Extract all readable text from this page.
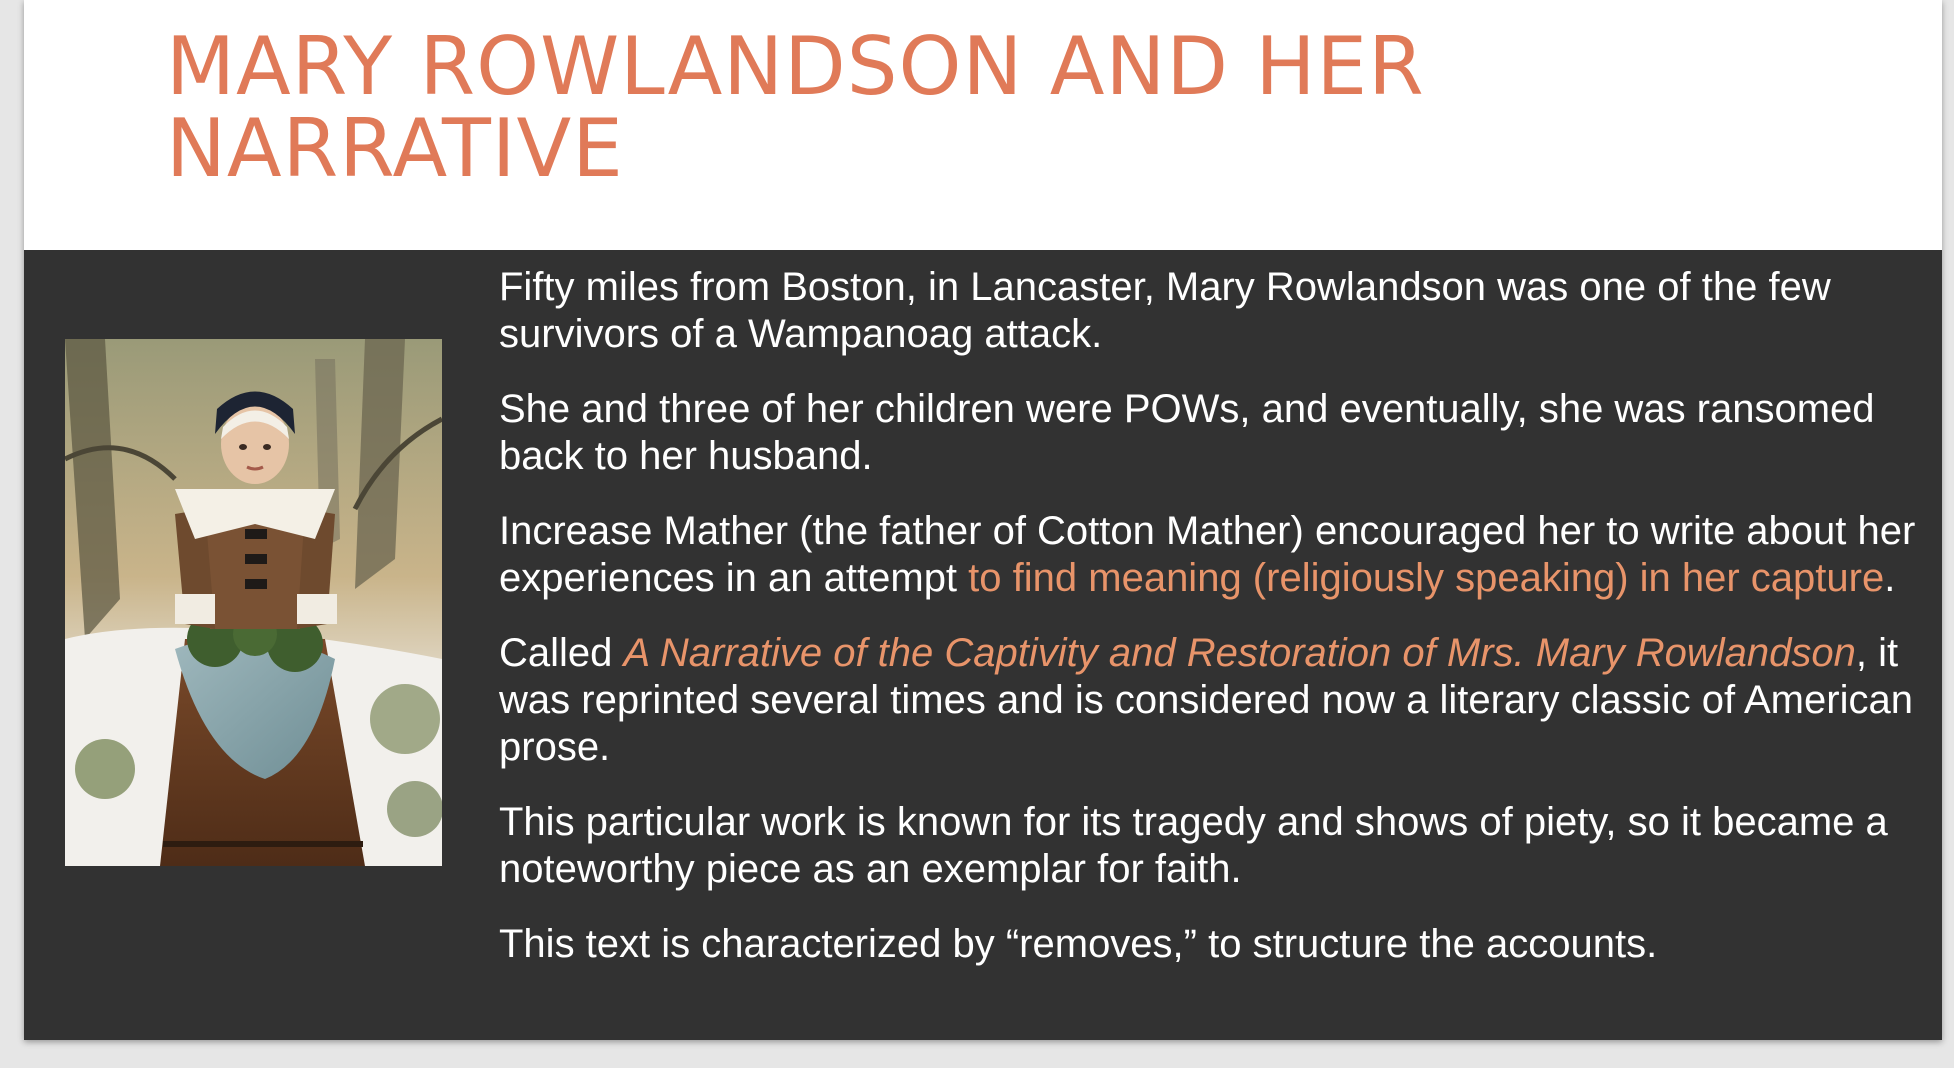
MARY ROWLANDSON AND HER NARRATIVE

Fifty miles from Boston, in Lancaster, Mary Rowlandson was one of the few survivors of a Wampanoag attack.

She and three of her children were POWs, and eventually, she was ransomed back to her husband.

Increase Mather (the father of Cotton Mather) encouraged her to write about her experiences in an attempt to find meaning (religiously speaking) in her capture.

Called A Narrative of the Captivity and Restoration of Mrs. Mary Rowlandson, it was reprinted several times and is considered now a literary classic of American prose.

This particular work is known for its tragedy and shows of piety, so it became a noteworthy piece as an exemplar for faith.

This text is characterized by “removes,” to structure the accounts.
